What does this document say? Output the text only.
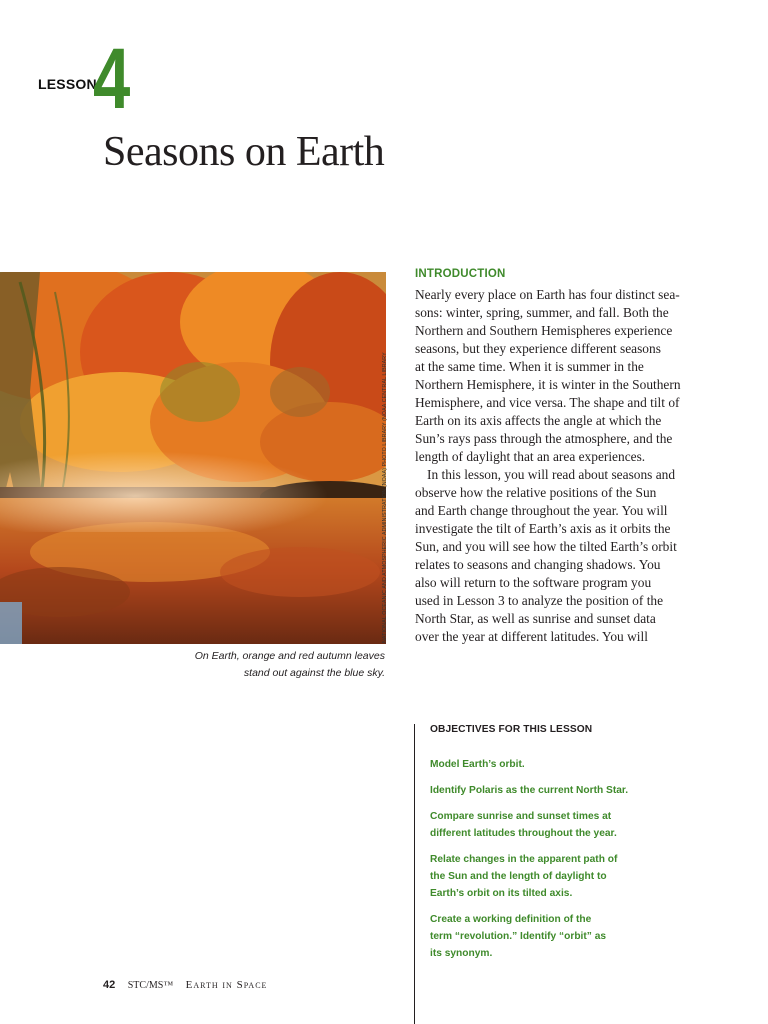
LESSON
4
Seasons on Earth
NATIONAL OCEANIC AND ATMOSPHERIC ADMINISTRATION (NOAA) PHOTO LIBRARY (NOAA CENTRAL LIBRARY
On Earth, orange and red autumn leaves
stand out against the blue sky.
INTRODUCTION
Nearly every place on Earth has four distinct sea-
sons: winter, spring, summer, and fall. Both the
Northern and Southern Hemispheres experience
seasons, but they experience different seasons
at the same time. When it is summer in the
Northern Hemisphere, it is winter in the Southern
Hemisphere, and vice versa. The shape and tilt of
Earth on its axis affects the angle at which the
Sun’s rays pass through the atmosphere, and the
length of daylight that an area experiences.
In this lesson, you will read about seasons and
observe how the relative positions of the Sun
and Earth change throughout the year. You will
investigate the tilt of Earth’s axis as it orbits the
Sun, and you will see how the tilted Earth’s orbit
relates to seasons and changing shadows. You
also will return to the software program you
used in Lesson 3 to analyze the position of the
North Star, as well as sunrise and sunset data
over the year at different latitudes. You will
OBJECTIVES FOR THIS LESSON
Model Earth’s orbit.
Identify Polaris as the current North Star.
Compare sunrise and sunset times at
different latitudes throughout the year.
Relate changes in the apparent path of
the Sun and the length of daylight to
Earth’s orbit on its tilted axis.
Create a working definition of the
term “revolution.” Identify “orbit” as
its synonym.
42 STC/MS™ Earth in Space
